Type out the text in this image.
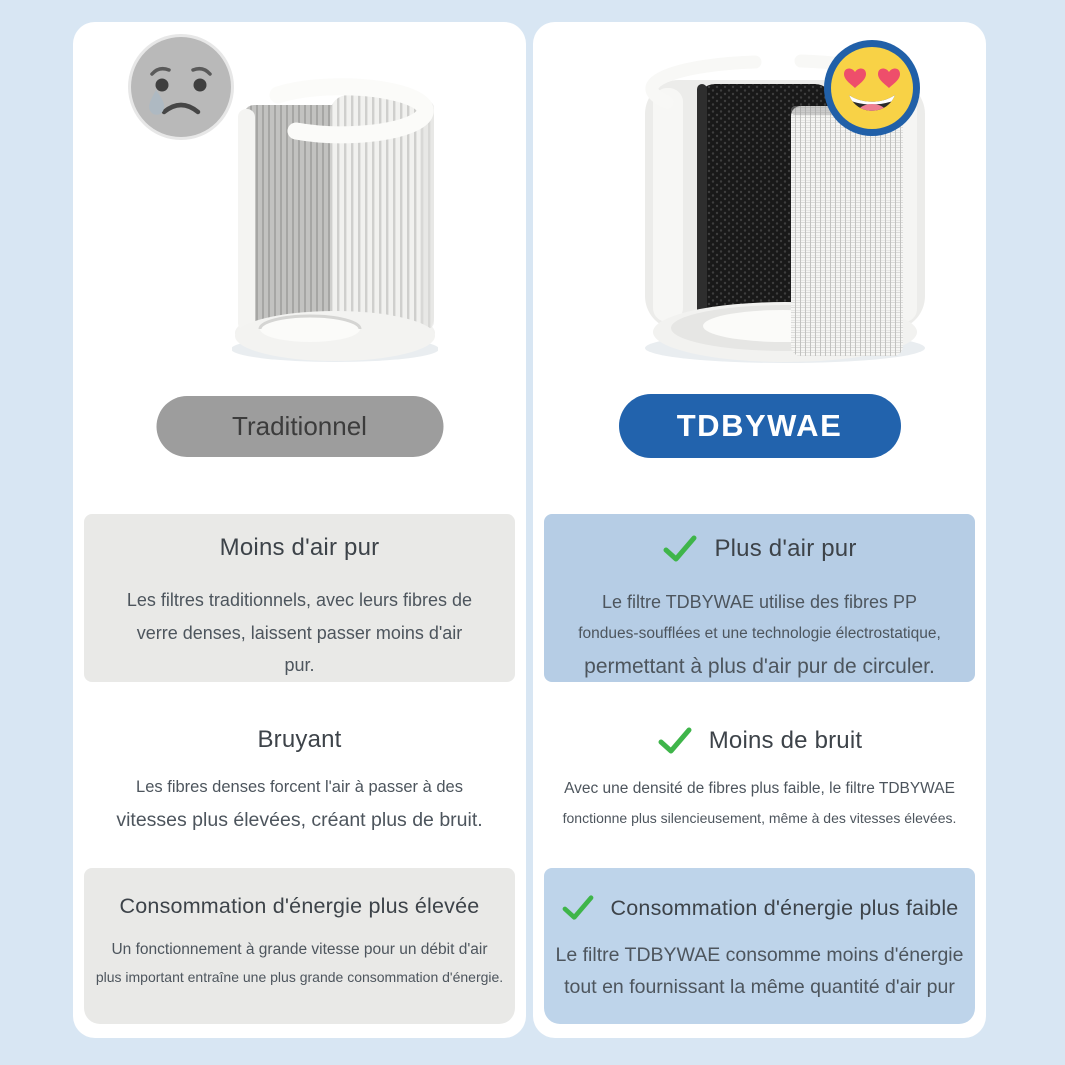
Traditionnel
Moins d'air pur
Les filtres traditionnels, avec leurs fibres de
verre denses, laissent passer moins d'air
pur.
Bruyant
Les fibres denses forcent l'air à passer à des
vitesses plus élevées, créant plus de bruit.
Consommation d'énergie plus élevée
Un fonctionnement à grande vitesse pour un débit d'air
plus important entraîne une plus grande consommation d'énergie.
TDBYWAE
Plus d'air pur
Le filtre TDBYWAE utilise des fibres PP
fondues-soufflées et une technologie électrostatique,
permettant à plus d'air pur de circuler.
Moins de bruit
Avec une densité de fibres plus faible, le filtre TDBYWAE
fonctionne plus silencieusement, même à des vitesses élevées.
Consommation d'énergie plus faible
Le filtre TDBYWAE consomme moins d'énergie
tout en fournissant la même quantité d'air pur
